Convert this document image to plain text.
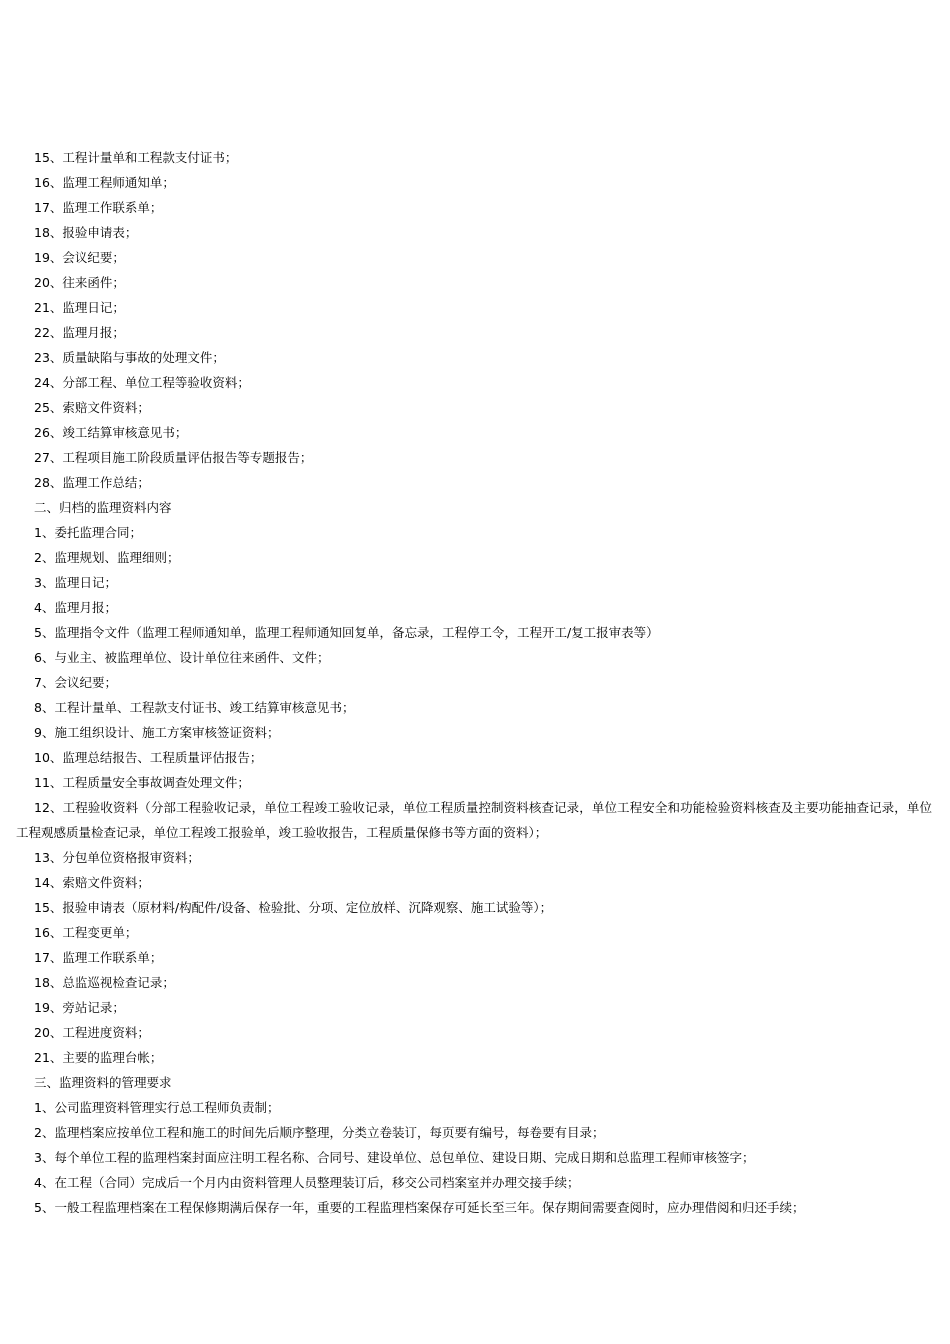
15、工程计量单和工程款支付证书；
16、监理工程师通知单；
17、监理工作联系单；
18、报验申请表；
19、会议纪要；
20、往来函件；
21、监理日记；
22、监理月报；
23、质量缺陷与事故的处理文件；
24、分部工程、单位工程等验收资料；
25、索赔文件资料；
26、竣工结算审核意见书；
27、工程项目施工阶段质量评估报告等专题报告；
28、监理工作总结；
二、归档的监理资料内容
1、委托监理合同；
2、监理规划、监理细则；
3、监理日记；
4、监理月报；
5、监理指令文件（监理工程师通知单，监理工程师通知回复单，备忘录，工程停工令，工程开工/复工报审表等）
6、与业主、被监理单位、设计单位往来函件、文件；
7、会议纪要；
8、工程计量单、工程款支付证书、竣工结算审核意见书；
9、施工组织设计、施工方案审核签证资料；
10、监理总结报告、工程质量评估报告；
11、工程质量安全事故调查处理文件；
12、工程验收资料（分部工程验收记录，单位工程竣工验收记录，单位工程质量控制资料核查记录，单位工程安全和功能检验资料核查及主要功能抽查记录，单位工程观感质量检查记录，单位工程竣工报验单，竣工验收报告，工程质量保修书等方面的资料）；
13、分包单位资格报审资料；
14、索赔文件资料；
15、报验申请表（原材料/构配件/设备、检验批、分项、定位放样、沉降观察、施工试验等）；
16、工程变更单；
17、监理工作联系单；
18、总监巡视检查记录；
19、旁站记录；
20、工程进度资料；
21、主要的监理台帐；
三、监理资料的管理要求
1、公司监理资料管理实行总工程师负责制；
2、监理档案应按单位工程和施工的时间先后顺序整理，分类立卷装订，每页要有编号，每卷要有目录；
3、每个单位工程的监理档案封面应注明工程名称、合同号、建设单位、总包单位、建设日期、完成日期和总监理工程师审核签字；
4、在工程（合同）完成后一个月内由资料管理人员整理装订后，移交公司档案室并办理交接手续；
5、一般工程监理档案在工程保修期满后保存一年，重要的工程监理档案保存可延长至三年。保存期间需要查阅时，应办理借阅和归还手续；
